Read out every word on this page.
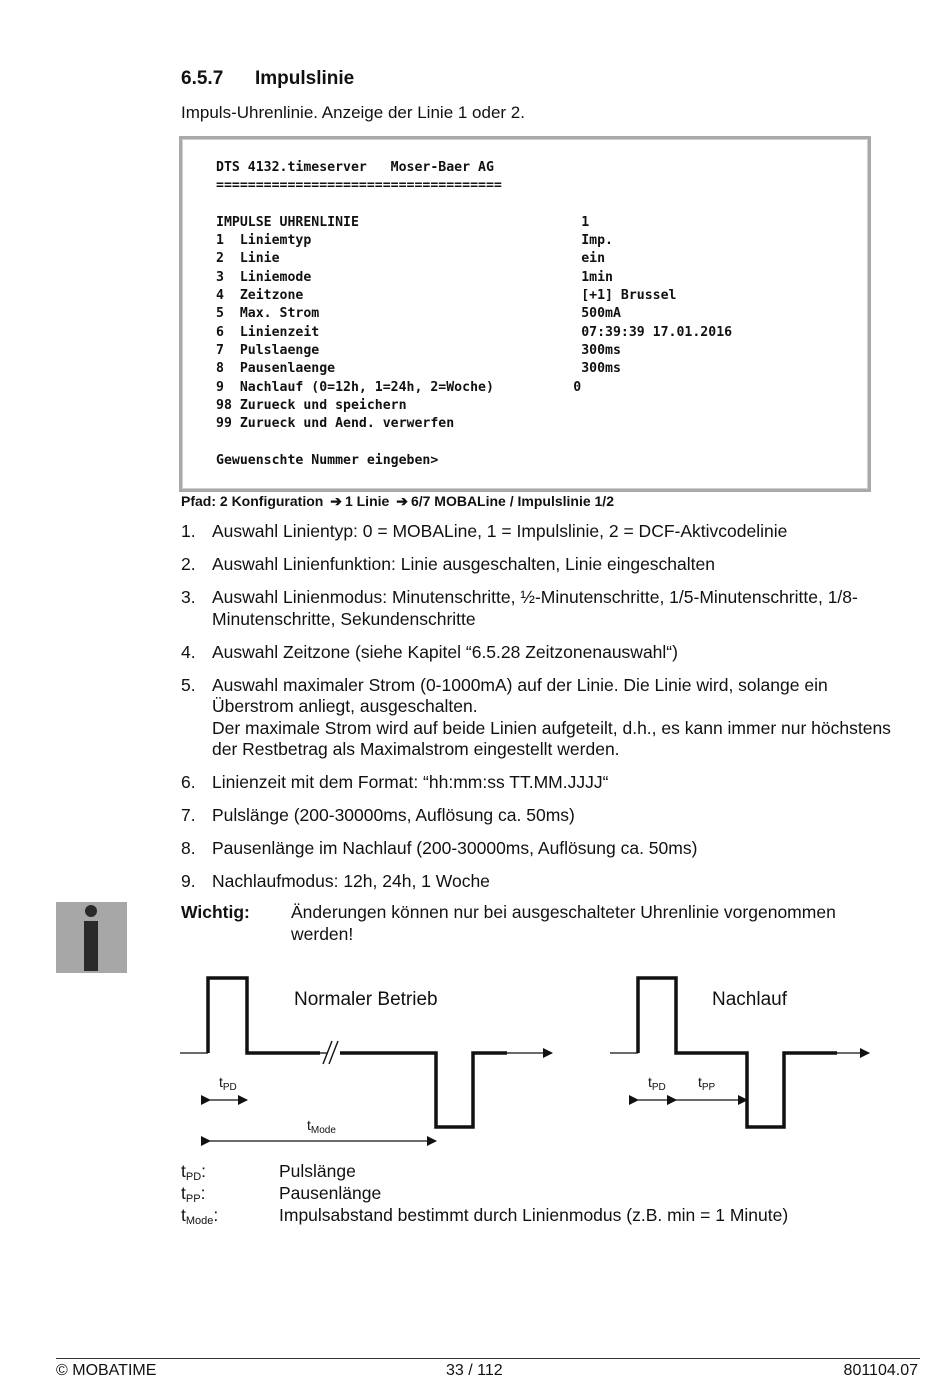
6.5.7 Impulslinie
Impuls-Uhrenlinie. Anzeige der Linie 1 oder 2.
DTS 4132.timeserver   Moser-Baer AG
====================================

IMPULSE UHRENLINIE                            1
1  Liniemtyp                                  Imp.
2  Linie                                      ein
3  Liniemode                                  1min
4  Zeitzone                                   [+1] Brussel
5  Max. Strom                                 500mA
6  Linienzeit                                 07:39:39 17.01.2016
7  Pulslaenge                                 300ms
8  Pausenlaenge                               300ms
9  Nachlauf (0=12h, 1=24h, 2=Woche)          0
98 Zurueck und speichern
99 Zurueck und Aend. verwerfen

Gewuenschte Nummer eingeben>
Pfad: 2 Konfiguration ➔ 1 Linie ➔ 6/7 MOBALine / Impulslinie 1/2
1. Auswahl Linientyp: 0 = MOBALine, 1 = Impulslinie, 2 = DCF-Aktivcodelinie
2. Auswahl Linienfunktion: Linie ausgeschalten, Linie eingeschalten
3. Auswahl Linienmodus: Minutenschritte, ½-Minutenschritte, 1/5-Minutenschritte, 1/8-Minutenschritte, Sekundenschritte
4. Auswahl Zeitzone (siehe Kapitel “6.5.28 Zeitzonenauswahl“)
5. Auswahl maximaler Strom (0-1000mA) auf der Linie. Die Linie wird, solange ein Überstrom anliegt, ausgeschalten.
Der maximale Strom wird auf beide Linien aufgeteilt, d.h., es kann immer nur höchstens der Restbetrag als Maximalstrom eingestellt werden.
6. Linienzeit mit dem Format: “hh:mm:ss TT.MM.JJJJ“
7. Pulslänge (200-30000ms, Auflösung ca. 50ms)
8. Pausenlänge im Nachlauf (200-30000ms, Auflösung ca. 50ms)
9. Nachlaufmodus: 12h, 24h, 1 Woche
Wichtig: Änderungen können nur bei ausgeschalteter Uhrenlinie vorgenommen werden!
Normaler Betrieb
$t_{PD}$
$t_{Mode}$
Nachlauf
$t_{PD}$ $t_{PP}$
$t_{PD}$:	Pulslänge
$t_{PP}$:	Pausenlänge
$t_{Mode}$:	Impulsabstand bestimmt durch Linienmodus (z.B. min = 1 Minute)
© MOBATIME	33 / 112	801104.07
